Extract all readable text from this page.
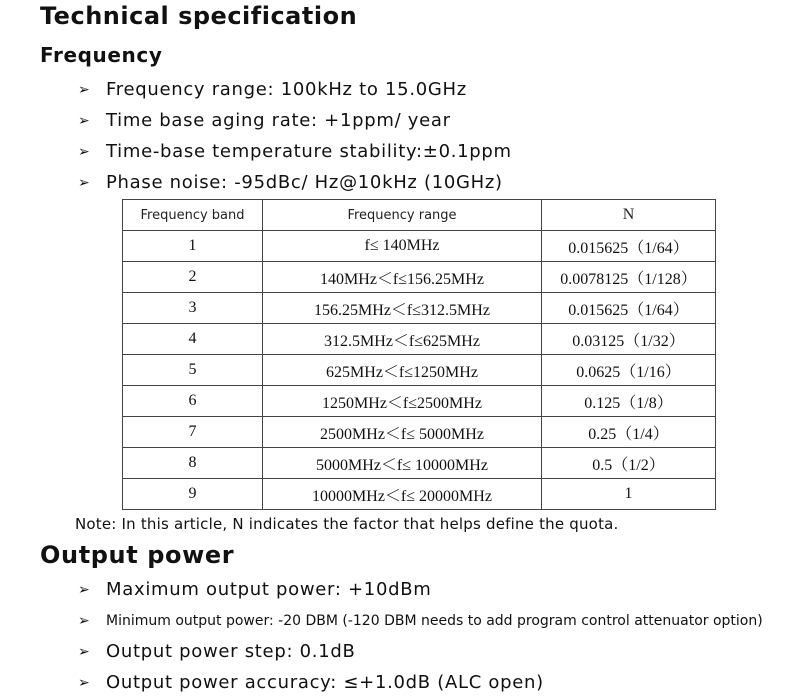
Technical specification
Frequency
➢ Frequency range: 100kHz to 15.0GHz
➢ Time base aging rate: +1ppm/ year
➢ Time-base temperature stability:±0.1ppm
➢ Phase noise: -95dBc/ Hz@10kHz (10GHz)
Frequency band	Frequency range	N
1	f≤ 140MHz	0.015625（1/64）
2	140MHz＜f≤156.25MHz	0.0078125（1/128）
3	156.25MHz＜f≤312.5MHz	0.015625（1/64）
4	312.5MHz＜f≤625MHz	0.03125（1/32）
5	625MHz＜f≤1250MHz	0.0625（1/16）
6	1250MHz＜f≤2500MHz	0.125（1/8）
7	2500MHz＜f≤ 5000MHz	0.25（1/4）
8	5000MHz＜f≤ 10000MHz	0.5（1/2）
9	10000MHz＜f≤ 20000MHz	1
Note: In this article, N indicates the factor that helps define the quota.
Output power
➢ Maximum output power: +10dBm
➢	Minimum output power: -20 DBM (-120 DBM needs to add program control attenuator option)
➢ Output power step: 0.1dB
➢ Output power accuracy: ≤+1.0dB (ALC open)
